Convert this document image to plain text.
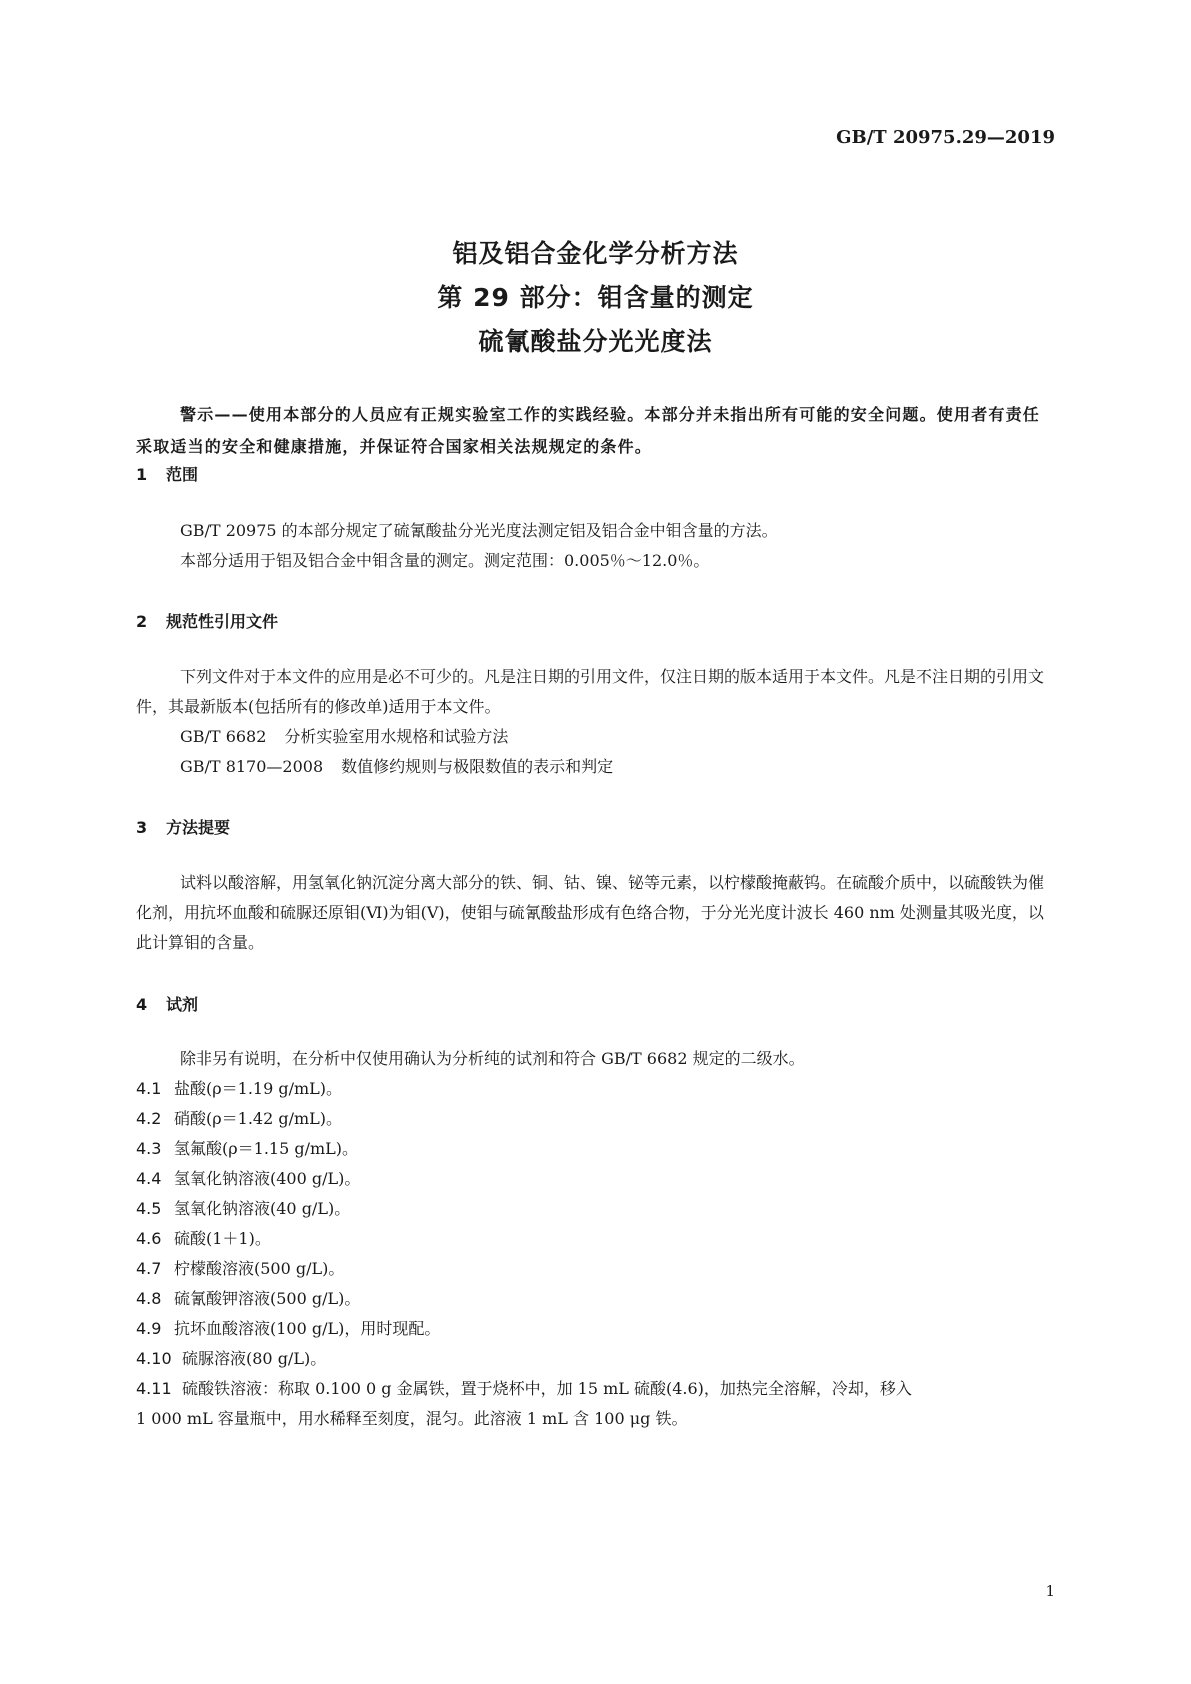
GB/T 20975.29—2019
铝及铝合金化学分析方法
第 29 部分：钼含量的测定
硫氰酸盐分光光度法
警示——使用本部分的人员应有正规实验室工作的实践经验。本部分并未指出所有可能的安全问题。使用者有责任采取适当的安全和健康措施，并保证符合国家相关法规规定的条件。
1 范围
GB/T 20975 的本部分规定了硫氰酸盐分光光度法测定铝及铝合金中钼含量的方法。
本部分适用于铝及铝合金中钼含量的测定。测定范围：0.005％～12.0％。
2 规范性引用文件
下列文件对于本文件的应用是必不可少的。凡是注日期的引用文件，仅注日期的版本适用于本文件。凡是不注日期的引用文件，其最新版本(包括所有的修改单)适用于本文件。
GB/T 6682 分析实验室用水规格和试验方法
GB/T 8170—2008 数值修约规则与极限数值的表示和判定
3 方法提要
试料以酸溶解，用氢氧化钠沉淀分离大部分的铁、铜、钴、镍、铋等元素，以柠檬酸掩蔽钨。在硫酸介质中，以硫酸铁为催化剂，用抗坏血酸和硫脲还原钼(Ⅵ)为钼(Ⅴ)，使钼与硫氰酸盐形成有色络合物，于分光光度计波长 460 nm 处测量其吸光度，以此计算钼的含量。
4 试剂
除非另有说明，在分析中仅使用确认为分析纯的试剂和符合 GB/T 6682 规定的二级水。
4.1 盐酸(ρ＝1.19 g/mL)。
4.2 硝酸(ρ＝1.42 g/mL)。
4.3 氢氟酸(ρ＝1.15 g/mL)。
4.4 氢氧化钠溶液(400 g/L)。
4.5 氢氧化钠溶液(40 g/L)。
4.6 硫酸(1＋1)。
4.7 柠檬酸溶液(500 g/L)。
4.8 硫氰酸钾溶液(500 g/L)。
4.9 抗坏血酸溶液(100 g/L)，用时现配。
4.10 硫脲溶液(80 g/L)。
4.11 硫酸铁溶液：称取 0.100 0 g 金属铁，置于烧杯中，加 15 mL 硫酸(4.6)，加热完全溶解，冷却，移入
1 000 mL 容量瓶中，用水稀释至刻度，混匀。此溶液 1 mL 含 100 μg 铁。
1
